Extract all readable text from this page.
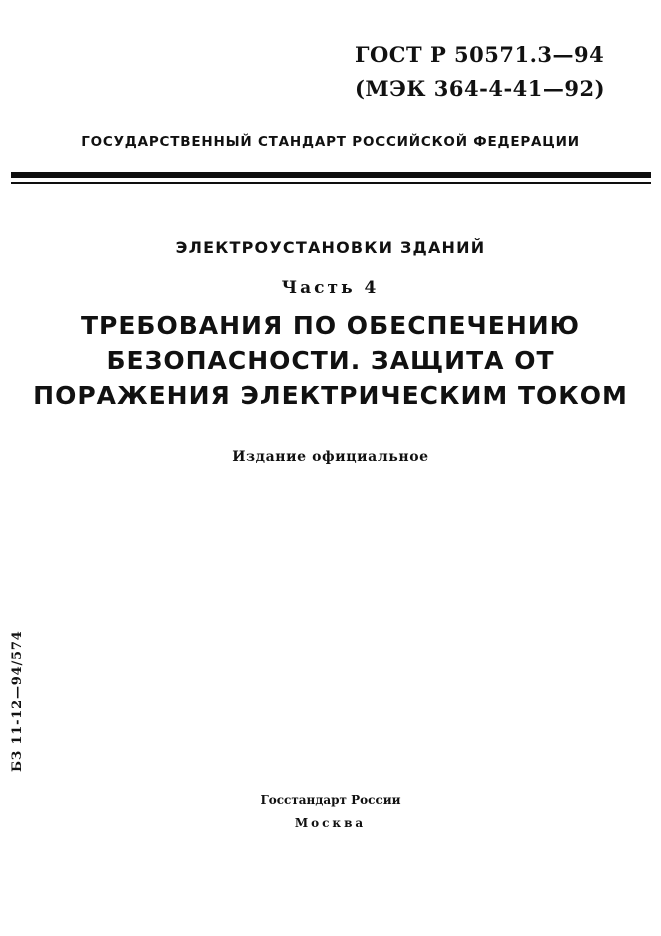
ГОСТ Р 50571.3—94
(МЭК 364-4-41—92)
ГОСУДАРСТВЕННЫЙ СТАНДАРТ РОССИЙСКОЙ ФЕДЕРАЦИИ
ЭЛЕКТРОУСТАНОВКИ ЗДАНИЙ
Часть 4
ТРЕБОВАНИЯ ПО ОБЕСПЕЧЕНИЮ
БЕЗОПАСНОСТИ. ЗАЩИТА ОТ
ПОРАЖЕНИЯ ЭЛЕКТРИЧЕСКИМ ТОКОМ
Издание официальное
БЗ 11-12—94/574
Госстандарт России
Москва
